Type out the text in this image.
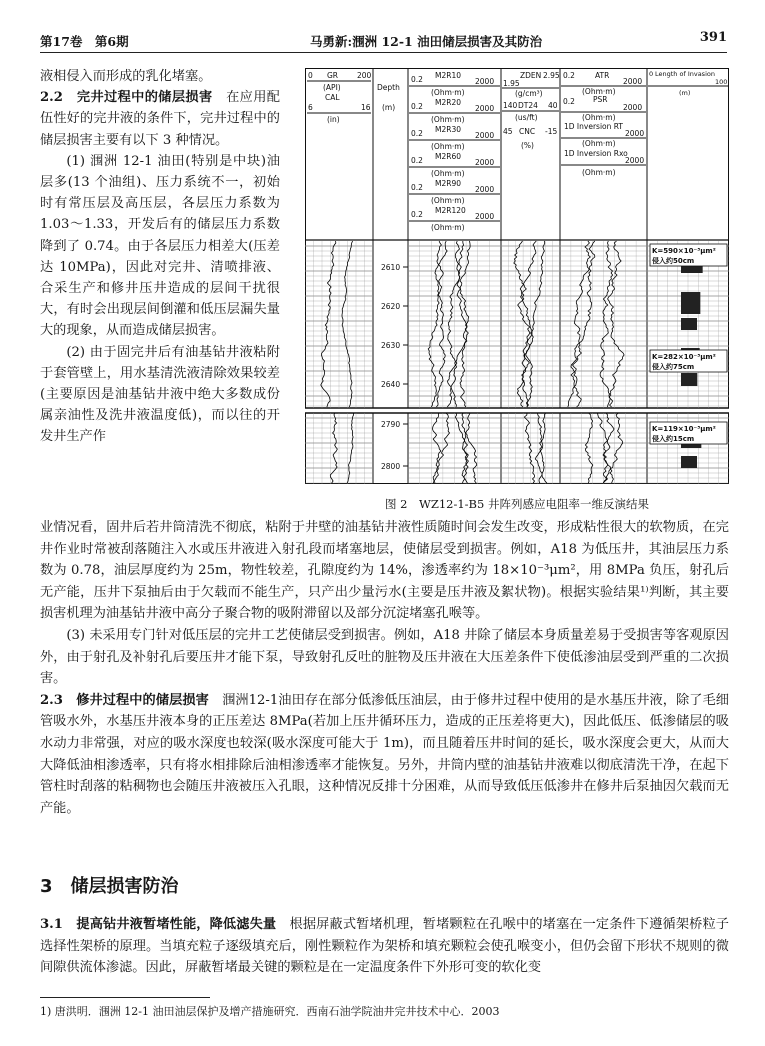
第17卷　第6期	马勇新:涠洲 12-1 油田储层损害及其防治	391

液相侵入而形成的乳化堵塞。

2.2　完井过程中的储层损害　在应用配伍性好的完井液的条件下，完井过程中的储层损害主要有以下 3 种情况。

(1) 涠洲 12-1 油田(特别是中块)油层多(13 个油组)、压力系统不一，初始时有常压层及高压层，各层压力系数为 1.03～1.33，开发后有的储层压力系数降到了 0.74。由于各层压力相差大(压差达 10MPa)，因此对完井、清喷排液、合采生产和修井压井造成的层间干扰很大，有时会出现层间倒灌和低压层漏失量大的现象，从而造成储层损害。

(2) 由于固完井后有油基钻井液粘附于套管壁上，用水基清洗液清除效果较差(主要原因是油基钻井液中绝大多数成份属亲油性及洗井液温度低)，而以往的开发井生产作

0 GR	200
(API)
CAL
6	16
(in)
Depth
(m)
0.2 M2R10
2000
(Ohm·m)
0.2 M2R20
2000
(Ohm·m)
0.2 M2R30
2000
(Ohm·m)
0.2 M2R60
2000
(Ohm·m)
0.2 M2R90
2000
(Ohm·m)
0.2 M2R120
2000
(Ohm·m)
ZDEN
1.95
2.95
(g/cm³)
140 DT24 40
(us/ft)
45 CNC -15
(%)
0.2	ATR
2000
(Ohm·m)
0.2 PSR
2000
(Ohm·m)
1D Inversion RT
2000
(Ohm·m)
1D Inversion Rxo
2000
(Ohm·m)
0 Length of Invasion
100
(m)
2610
2620
2630
2640
2790
2800
K=590×10⁻³μm²
侵入约50cm
K=282×10⁻³μm²
侵入约75cm
K=119×10⁻³μm²
侵入约15cm
图 2　WZ12-1-B5 井阵列感应电阻率一维反演结果

业情况看，固井后若井筒清洗不彻底，粘附于井壁的油基钻井液性质随时间会发生改变，形成粘性很大的软物质，在完井作业时常被刮落随注入水或压井液进入射孔段而堵塞地层，使储层受到损害。例如，A18 为低压井，其油层压力系数为 0.78，油层厚度约为 25m，物性较差，孔隙度约为 14%，渗透率约为 18×10⁻³μm²，用 8MPa 负压，射孔后无产能，压井下泵抽后由于欠载而不能生产，只产出少量污水(主要是压井液及絮状物)。根据实验结果¹⁾判断，其主要损害机理为油基钻井液中高分子聚合物的吸附滞留以及部分沉淀堵塞孔喉等。

(3) 未采用专门针对低压层的完井工艺使储层受到损害。例如，A18 井除了储层本身质量差易于受损害等客观原因外，由于射孔及补射孔后要压井才能下泵，导致射孔反吐的脏物及压井液在大压差条件下使低渗油层受到严重的二次损害。

2.3　修井过程中的储层损害　涠洲12-1油田存在部分低渗低压油层，由于修井过程中使用的是水基压井液，除了毛细管吸水外，水基压井液本身的正压差达 8MPa(若加上压井循环压力，造成的正压差将更大)，因此低压、低渗储层的吸水动力非常强，对应的吸水深度也较深(吸水深度可能大于 1m)，而且随着压井时间的延长，吸水深度会更大，从而大大降低油相渗透率，只有将水相排除后油相渗透率才能恢复。另外，井筒内壁的油基钻井液难以彻底清洗干净，在起下管柱时刮落的粘稠物也会随压井液被压入孔眼，这种情况反排十分困难，从而导致低压低渗井在修井后泵抽因欠载而无产能。

3　储层损害防治

3.1　提高钻井液暂堵性能，降低滤失量　根据屏蔽式暂堵机理，暂堵颗粒在孔喉中的堵塞在一定条件下遵循架桥粒子选择性架桥的原理。当填充粒子逐级填充后，刚性颗粒作为架桥和填充颗粒会使孔喉变小，但仍会留下形状不规则的微间隙供流体渗滤。因此，屏蔽暂堵最关键的颗粒是在一定温度条件下外形可变的软化变

1) 唐洪明．涠洲 12-1 油田油层保护及增产措施研究．西南石油学院油井完井技术中心．2003
